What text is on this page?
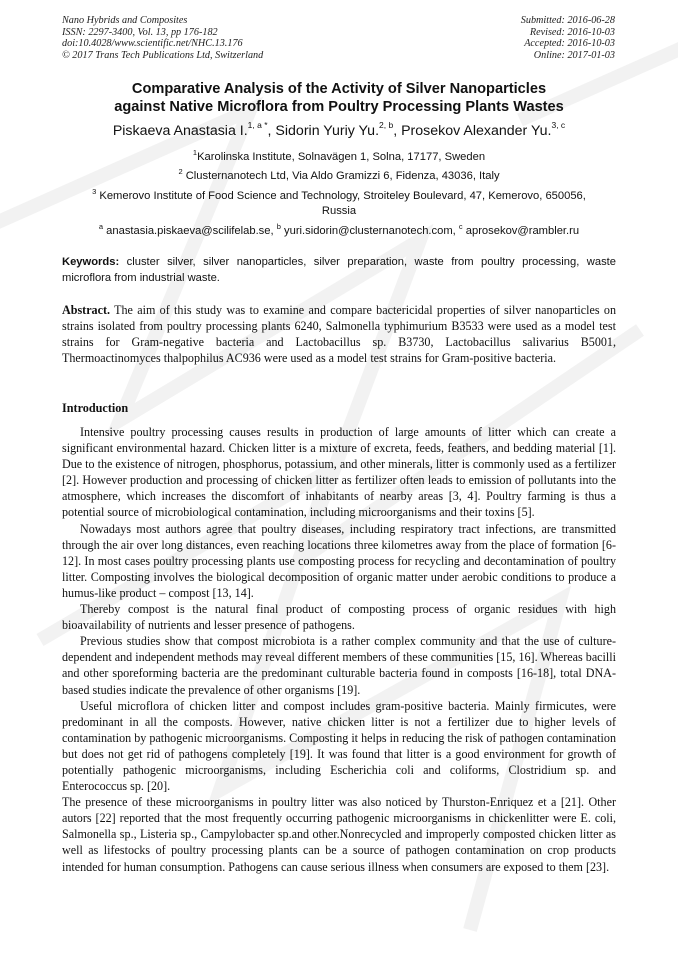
Nano Hybrids and Composites
ISSN: 2297-3400, Vol. 13, pp 176-182
doi:10.4028/www.scientific.net/NHC.13.176
© 2017 Trans Tech Publications Ltd, Switzerland
Submitted: 2016-06-28
Revised: 2016-10-03
Accepted: 2016-10-03
Online: 2017-01-03
Comparative Analysis of the Activity of Silver Nanoparticles
against Native Microflora from Poultry Processing Plants Wastes
Piskaeva Anastasia I.$^{1, a *}$, Sidorin Yuriy Yu.$^{2, b}$, Prosekov Alexander Yu.$^{3, c}$
$^1$Karolinska Institute, Solnavägen 1, Solna, 17177, Sweden
$^2$ Clusternanotech Ltd, Via Aldo Gramizzi 6, Fidenza, 43036, Italy
$^3$ Kemerovo Institute of Food Science and Technology, Stroiteley Boulevard, 47, Kemerovo, 650056, Russia
$^a$ anastasia.piskaeva@scilifelab.se, $^b$ yuri.sidorin@clusternanotech.com, $^c$ aprosekov@rambler.ru
Keywords: cluster silver, silver nanoparticles, silver preparation, waste from poultry processing, waste microflora from industrial waste.
Abstract. The aim of this study was to examine and compare bactericidal properties of silver nanoparticles on strains isolated from poultry processing plants 6240, Salmonella typhimurium B3533 were used as a model test strains for Gram-negative bacteria and Lactobacillus sp. B3730, Lactobacillus salivarius B5001, Thermoactinomyces thalpophilus AC936 were used as a model test strains for Gram-positive bacteria.
Introduction

Intensive poultry processing causes results in production of large amounts of litter which can create a significant environmental hazard. Chicken litter is a mixture of excreta, feeds, feathers, and bedding material [1]. Due to the existence of nitrogen, phosphorus, potassium, and other minerals, litter is commonly used as a fertilizer [2]. However production and processing of chicken litter as fertilizer often leads to emission of pollutants into the atmosphere, which increases the discomfort of inhabitants of nearby areas [3, 4]. Poultry farming is thus a potential source of microbiological contamination, including microorganisms and their toxins [5].

Nowadays most authors agree that poultry diseases, including respiratory tract infections, are transmitted through the air over long distances, even reaching locations three kilometres away from the place of formation [6-12]. In most cases poultry processing plants use composting process for recycling and decontamination of poultry litter. Composting involves the biological decomposition of organic matter under aerobic conditions to produce a humus-like product – compost [13, 14].

Thereby compost is the natural final product of composting process of organic residues with high bioavailability of nutrients and lesser presence of pathogens.

Previous studies show that compost microbiota is a rather complex community and that the use of culture-dependent and independent methods may reveal different members of these communities [15, 16]. Whereas bacilli and other sporeforming bacteria are the predominant culturable bacteria found in composts [16-18], total DNA-based studies indicate the prevalence of other organisms [19].

Useful microflora of chicken litter and compost includes gram-positive bacteria. Mainly firmicutes, were predominant in all the composts. However, native chicken litter is not a fertilizer due to higher levels of contamination by pathogenic microorganisms. Composting it helps in reducing the risk of pathogen contamination but does not get rid of pathogens completely [19]. It was found that litter is a good environment for growth of potentially pathogenic microorganisms, including Escherichia coli and coliforms, Clostridium sp. and Enterococcus sp. [20].

The presence of these microorganisms in poultry litter was also noticed by Thurston-Enriquez et a [21]. Other autors [22] reported that the most frequently occurring pathogenic microorganisms in chickenlitter were E. coli, Salmonella sp., Listeria sp., Campylobacter sp.and other.Nonrecycled and improperly composted chicken litter as well as lifestocks of poultry processing plants can be a source of pathogen contamination on crop products intended for human consumption. Pathogens can cause serious illness when consumers are exposed to them [23].
